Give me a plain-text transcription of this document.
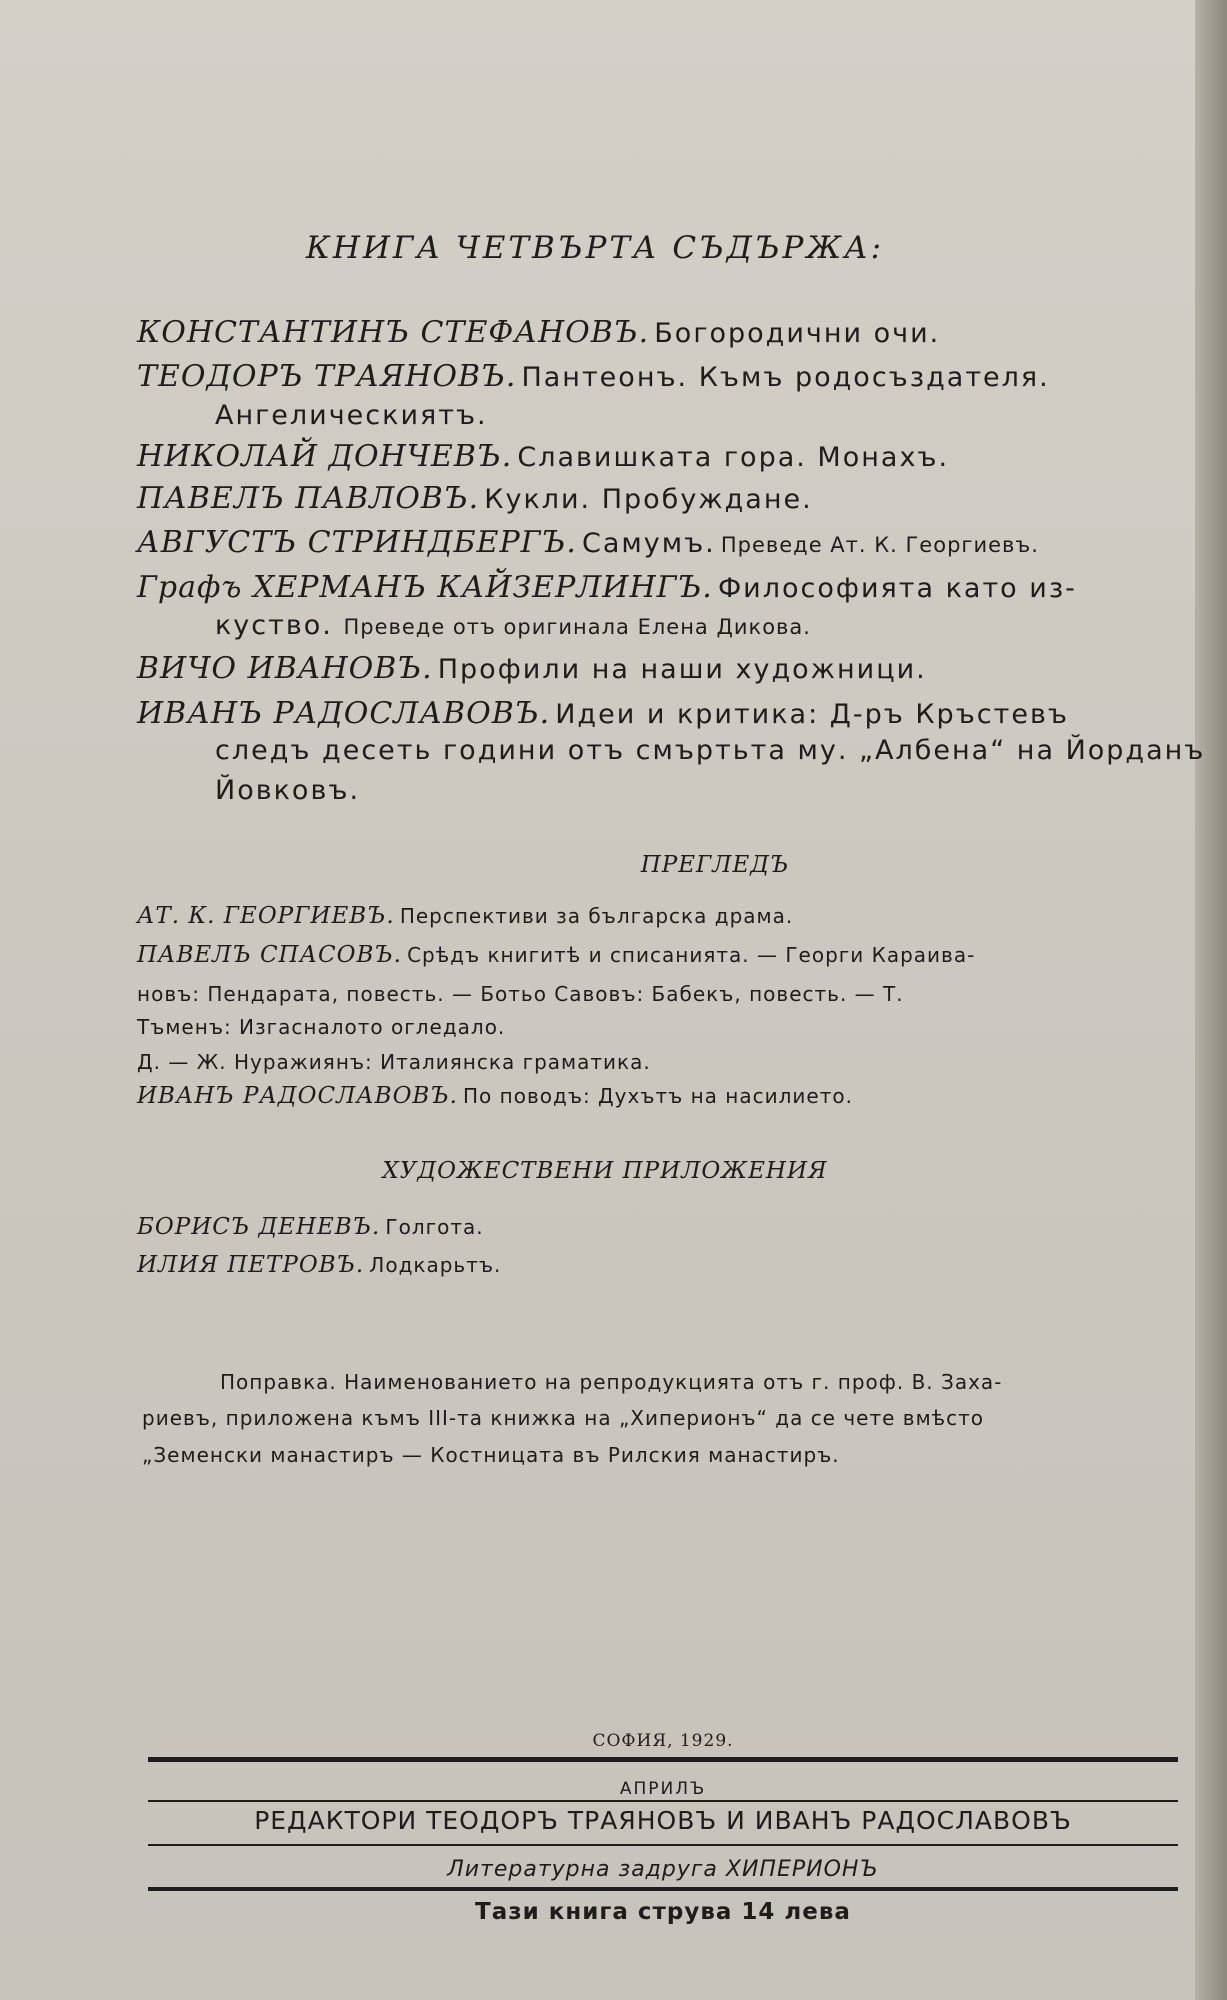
КНИГА ЧЕТВЪРТА СЪДЪРЖА:
КОНСТАНТИНЪ СТЕФАНОВЪ. Богородични очи.
ТЕОДОРЪ ТРАЯНОВЪ. Пантеонъ. Къмъ родосъздателя.
Ангелическиятъ.
НИКОЛАЙ ДОНЧЕВЪ. Славишката гора. Монахъ.
ПАВЕЛЪ ПАВЛОВЪ. Кукли. Пробуждане.
АВГУСТЪ СТРИНДБЕРГЪ. Самумъ. Преведе Ат. К. Георгиевъ.
Графъ ХЕРМАНЪ КАЙЗЕРЛИНГЪ. Философията като из-
куство. Преведе отъ оригинала Елена Дикова.
ВИЧО ИВАНОВЪ. Профили на наши художници.
ИВАНЪ РАДОСЛАВОВЪ. Идеи и критика: Д-ръ Кръстевъ
следъ десеть години отъ смъртьта му. „Албена“ на Йорданъ
Йовковъ.
ПРЕГЛЕДЪ
АТ. К. ГЕОРГИЕВЪ. Перспективи за българска драма.
ПАВЕЛЪ СПАСОВЪ. Срѣдъ книгитѣ и списанията. — Георги Караива-
новъ: Пендарата, повесть. — Ботьо Савовъ: Бабекъ, повесть. — Т.
Тъменъ: Изгасналото огледало.
Д. — Ж. Нуражиянъ: Италиянска граматика.
ИВАНЪ РАДОСЛАВОВЪ. По поводъ: Духътъ на насилието.
ХУДОЖЕСТВЕНИ ПРИЛОЖЕНИЯ
БОРИСЪ ДЕНЕВЪ. Голгота.
ИЛИЯ ПЕТРОВЪ. Лодкарьтъ.
Поправка. Наименованието на репродукцията отъ г. проф. В. Заха-
риевъ, приложена къмъ III-та книжка на „Хиперионъ“ да се чете вмѣсто
„Земенски манастиръ — Костницата въ Рилския манастиръ.
СОФИЯ, 1929.
АПРИЛЪ
РЕДАКТОРИ ТЕОДОРЪ ТРАЯНОВЪ И ИВАНЪ РАДОСЛАВОВЪ
Литературна задруга ХИПЕРИОНЪ
Тази книга струва 14 лева
